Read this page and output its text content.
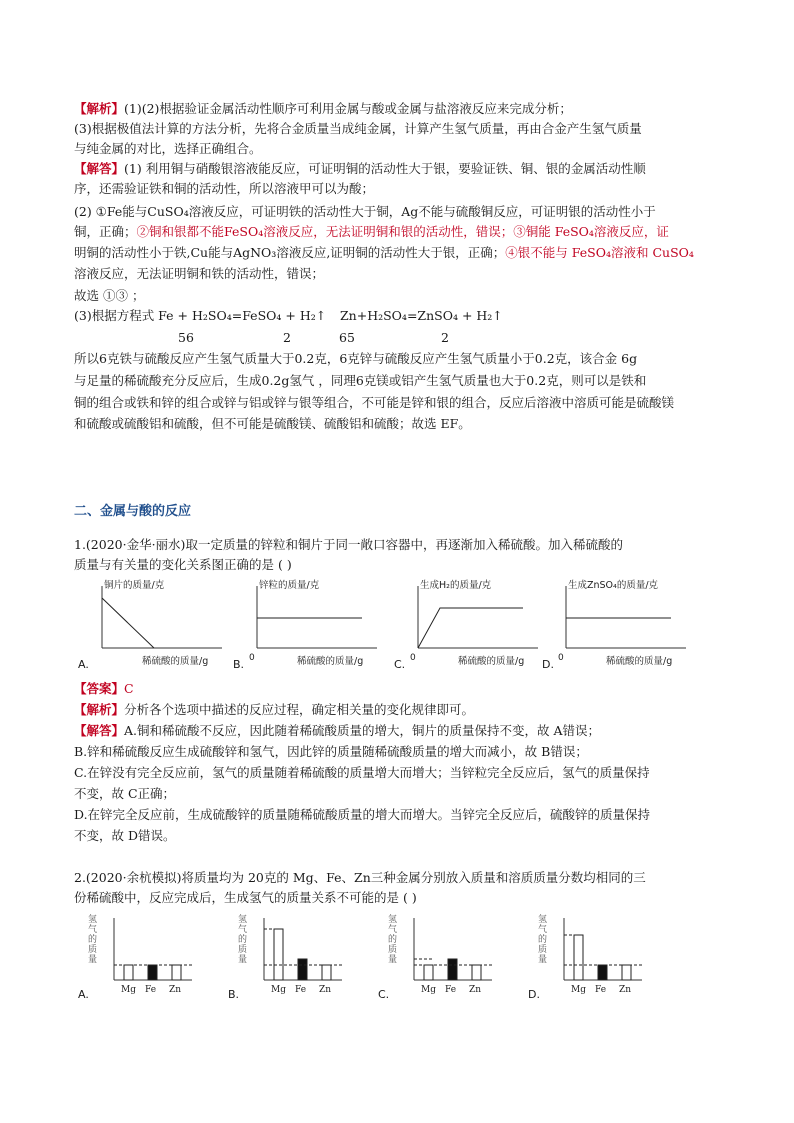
【解析】(1)(2)根据验证金属活动性顺序可利用金属与酸或金属与盐溶液反应来完成分析；
(3)根据极值法计算的方法分析，先将合金质量当成纯金属，计算产生氢气质量，再由合金产生氢气质量
与纯金属的对比，选择正确组合。
【解答】(1) 利用铜与硝酸银溶液能反应，可证明铜的活动性大于银，要验证铁、铜、银的金属活动性顺
序，还需验证铁和铜的活动性，所以溶液甲可以为酸；
(2) ①Fe能与CuSO₄溶液反应，可证明铁的活动性大于铜，Ag不能与硫酸铜反应，可证明银的活动性小于
铜，正确；②铜和银都不能FeSO₄溶液反应，无法证明铜和银的活动性，错误；③铜能 FeSO₄溶液反应，证
明铜的活动性小于铁,Cu能与AgNO₃溶液反应,证明铜的活动性大于银，正确；④银不能与 FeSO₄溶液和 CuSO₄
溶液反应，无法证明铜和铁的活动性，错误；
故选 ①③ ；
(3)根据方程式 Fe + H₂SO₄=FeSO₄ + H₂↑ Zn+H₂SO₄=ZnSO₄ + H₂↑
56	2	65	2
所以6克铁与硫酸反应产生氢气质量大于0.2克，6克锌与硫酸反应产生氢气质量小于0.2克，该合金 6g
与足量的稀硫酸充分反应后，生成0.2g氢气 ，同理6克镁或铝产生氢气质量也大于0.2克，则可以是铁和
铜的组合或铁和锌的组合或锌与铝或锌与银等组合，不可能是锌和银的组合，反应后溶液中溶质可能是硫酸镁
和硫酸或硫酸铝和硫酸，但不可能是硫酸镁、硫酸铝和硫酸；故选 EF。
二、金属与酸的反应
1.(2020·金华·丽水)取一定质量的锌粒和铜片于同一敞口容器中，再逐渐加入稀硫酸。加入稀硫酸的
质量与有关量的变化关系图正确的是 ( )
铜片的质量/克
稀硫酸的质量/g
A.
锌粒的质量/克
稀硫酸的质量/g
0
B.
生成H₂的质量/克
稀硫酸的质量/g
0
C.
生成ZnSO₄的质量/克
稀硫酸的质量/g
0
D.
【答案】C
【解析】分析各个选项中描述的反应过程，确定相关量的变化规律即可。
【解答】A.铜和稀硫酸不反应，因此随着稀硫酸质量的增大，铜片的质量保持不变，故 A错误；
B.锌和稀硫酸反应生成硫酸锌和氢气，因此锌的质量随稀硫酸质量的增大而减小，故 B错误；
C.在锌没有完全反应前，氢气的质量随着稀硫酸的质量增大而增大；当锌粒完全反应后，氢气的质量保持
不变，故 C正确；
D.在锌完全反应前，生成硫酸锌的质量随稀硫酸质量的增大而增大。当锌完全反应后，硫酸锌的质量保持
不变，故 D错误。
2.(2020·余杭模拟)将质量均为 20克的 Mg、Fe、Zn三种金属分别放入质量和溶质质量分数均相同的三
份稀硫酸中，反应完成后，生成氢气的质量关系不可能的是 ( )
氢
气
的
质
量
Mg Fe Zn
A.
氢
气
的
质
量
Mg Fe Zn
B.
氢
气
的
质
量
Mg Fe Zn
C.
氢
气
的
质
量
Mg Fe Zn
D.
